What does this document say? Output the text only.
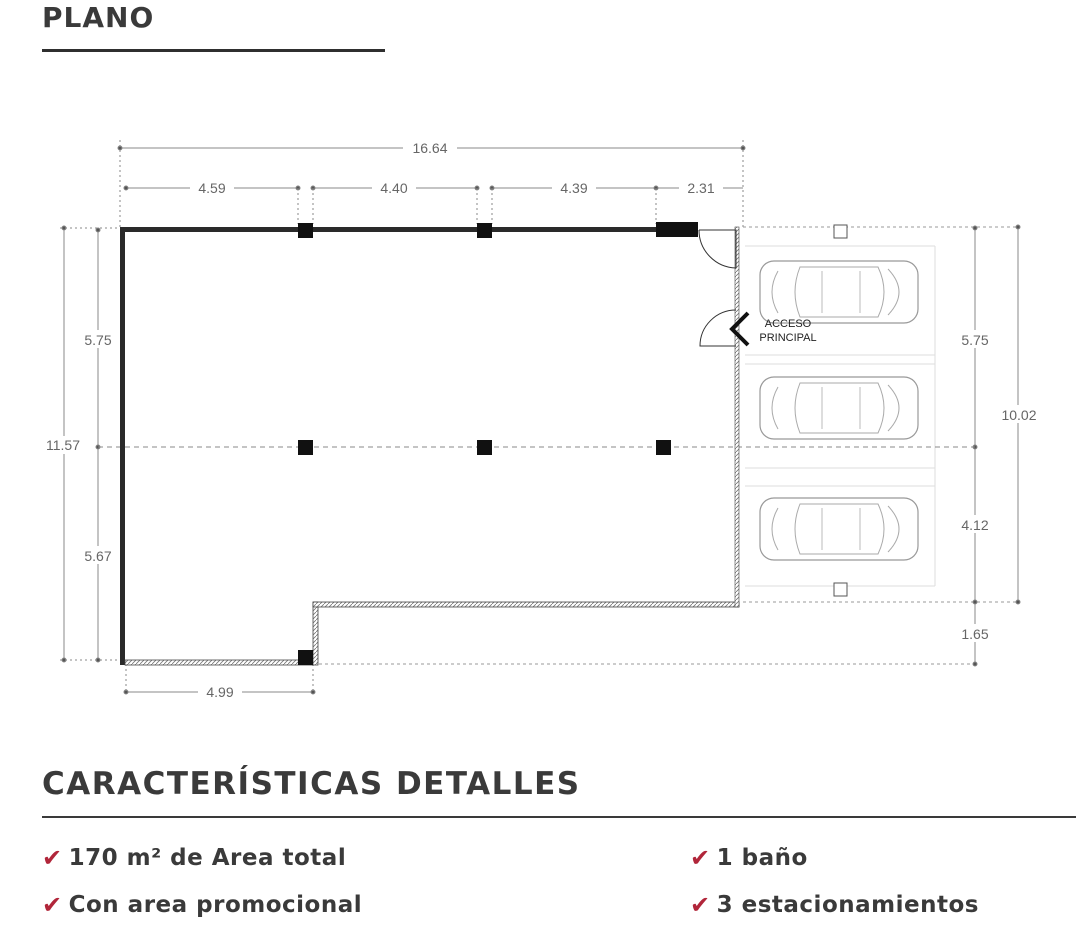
PLANO
16.64
4.59	4.40	4.39	2.31
11.57
5.75
5.67
4.99
5.75
10.02
4.12
1.65
ACCESO
PRINCIPAL
CARACTERÍSTICAS DETALLES
✔ 170 m² de Area total
✔ Con area promocional
✔ 1 baño
✔ 3 estacionamientos
